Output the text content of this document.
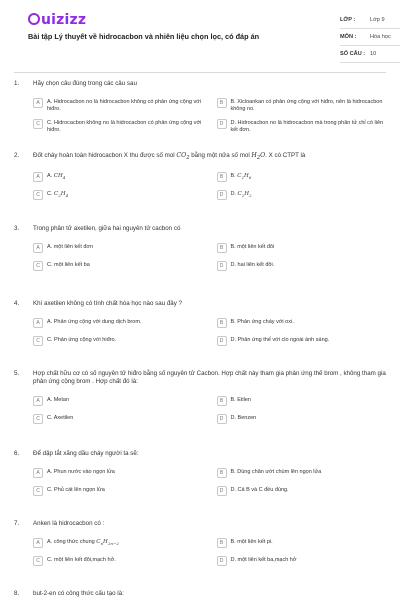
uizizz
Bài tập Lý thuyết về hidrocacbon và nhiên liệu chọn lọc, có đáp án
LỚP :	Lớp 9
MÔN :	Hóa học
SỐ CÂU : 10
1.	Hãy chọn câu đúng trong các câu sau
A	A. Hidrocacbon no là hidrocacbon không có phản ứng cộng với hiđro.
B	B. Xicloankan có phản ứng cộng với hiđro, nên là hidrocacbon không no.
C	C. Hidrocacbon không no là hidrocacbon có phản ứng cộng với hiđro.
D	D. Hidrocacbon no là hidrocacbon mà trong phân tử chỉ có liên kết đơn.
2.	Đốt cháy hoàn toàn hidrocacbon X thu được số mol $CO_2$ bằng một nửa số mol $H_2O$. X có CTPT là
A	A. $CH_4$	B	B. $C_2H_6$
C	C. $C_2H_4$	D	D. $C_2H_2$
3.	Trong phân tử axetilen, giữa hai nguyên tử cacbon có
A	A. một liên kết đơn	B	B. một liên kết đôi
C	C. một liên kết ba	D	D. hai liên kết đôi.
4.	Khí axetilen không có tính chất hóa học nào sau đây ?
A	A. Phản ứng cộng với dung dịch brom.	B	B. Phản ứng cháy với oxi.
C	C. Phản ứng cộng với hiđro.	D	D. Phản ứng thế với clo ngoài ánh sáng.
5.	Hợp chất hữu cơ có số nguyên tử hiđro bằng số nguyên tử Cacbon. Hợp chất này tham gia phản ứng thế brom , không tham gia phản ứng cộng brom . Hợp chất đó là:
A	A. Metan	B	B. Etilen
C	C. Axetilen	D	D. Benzen
6.	Để dập tắt xăng dầu cháy người ta sẽ:
A	A. Phun nước vào ngọn lửa	B	B. Dùng chăn ướt chùm lên ngọn lửa
C	C. Phủ cát lên ngọn lửa	D	D. Cả B và C đều đúng.
7.	Anken là hidrocacbon có :
A	A. công thức chung $C_nH_{2n-2}$	B	B. một liên kết pi.
C	C. một liên kết đôi,mạch hở.	D	D. một liên kết ba,mạch hở
8.	but-2-en có công thức cấu tạo là:
